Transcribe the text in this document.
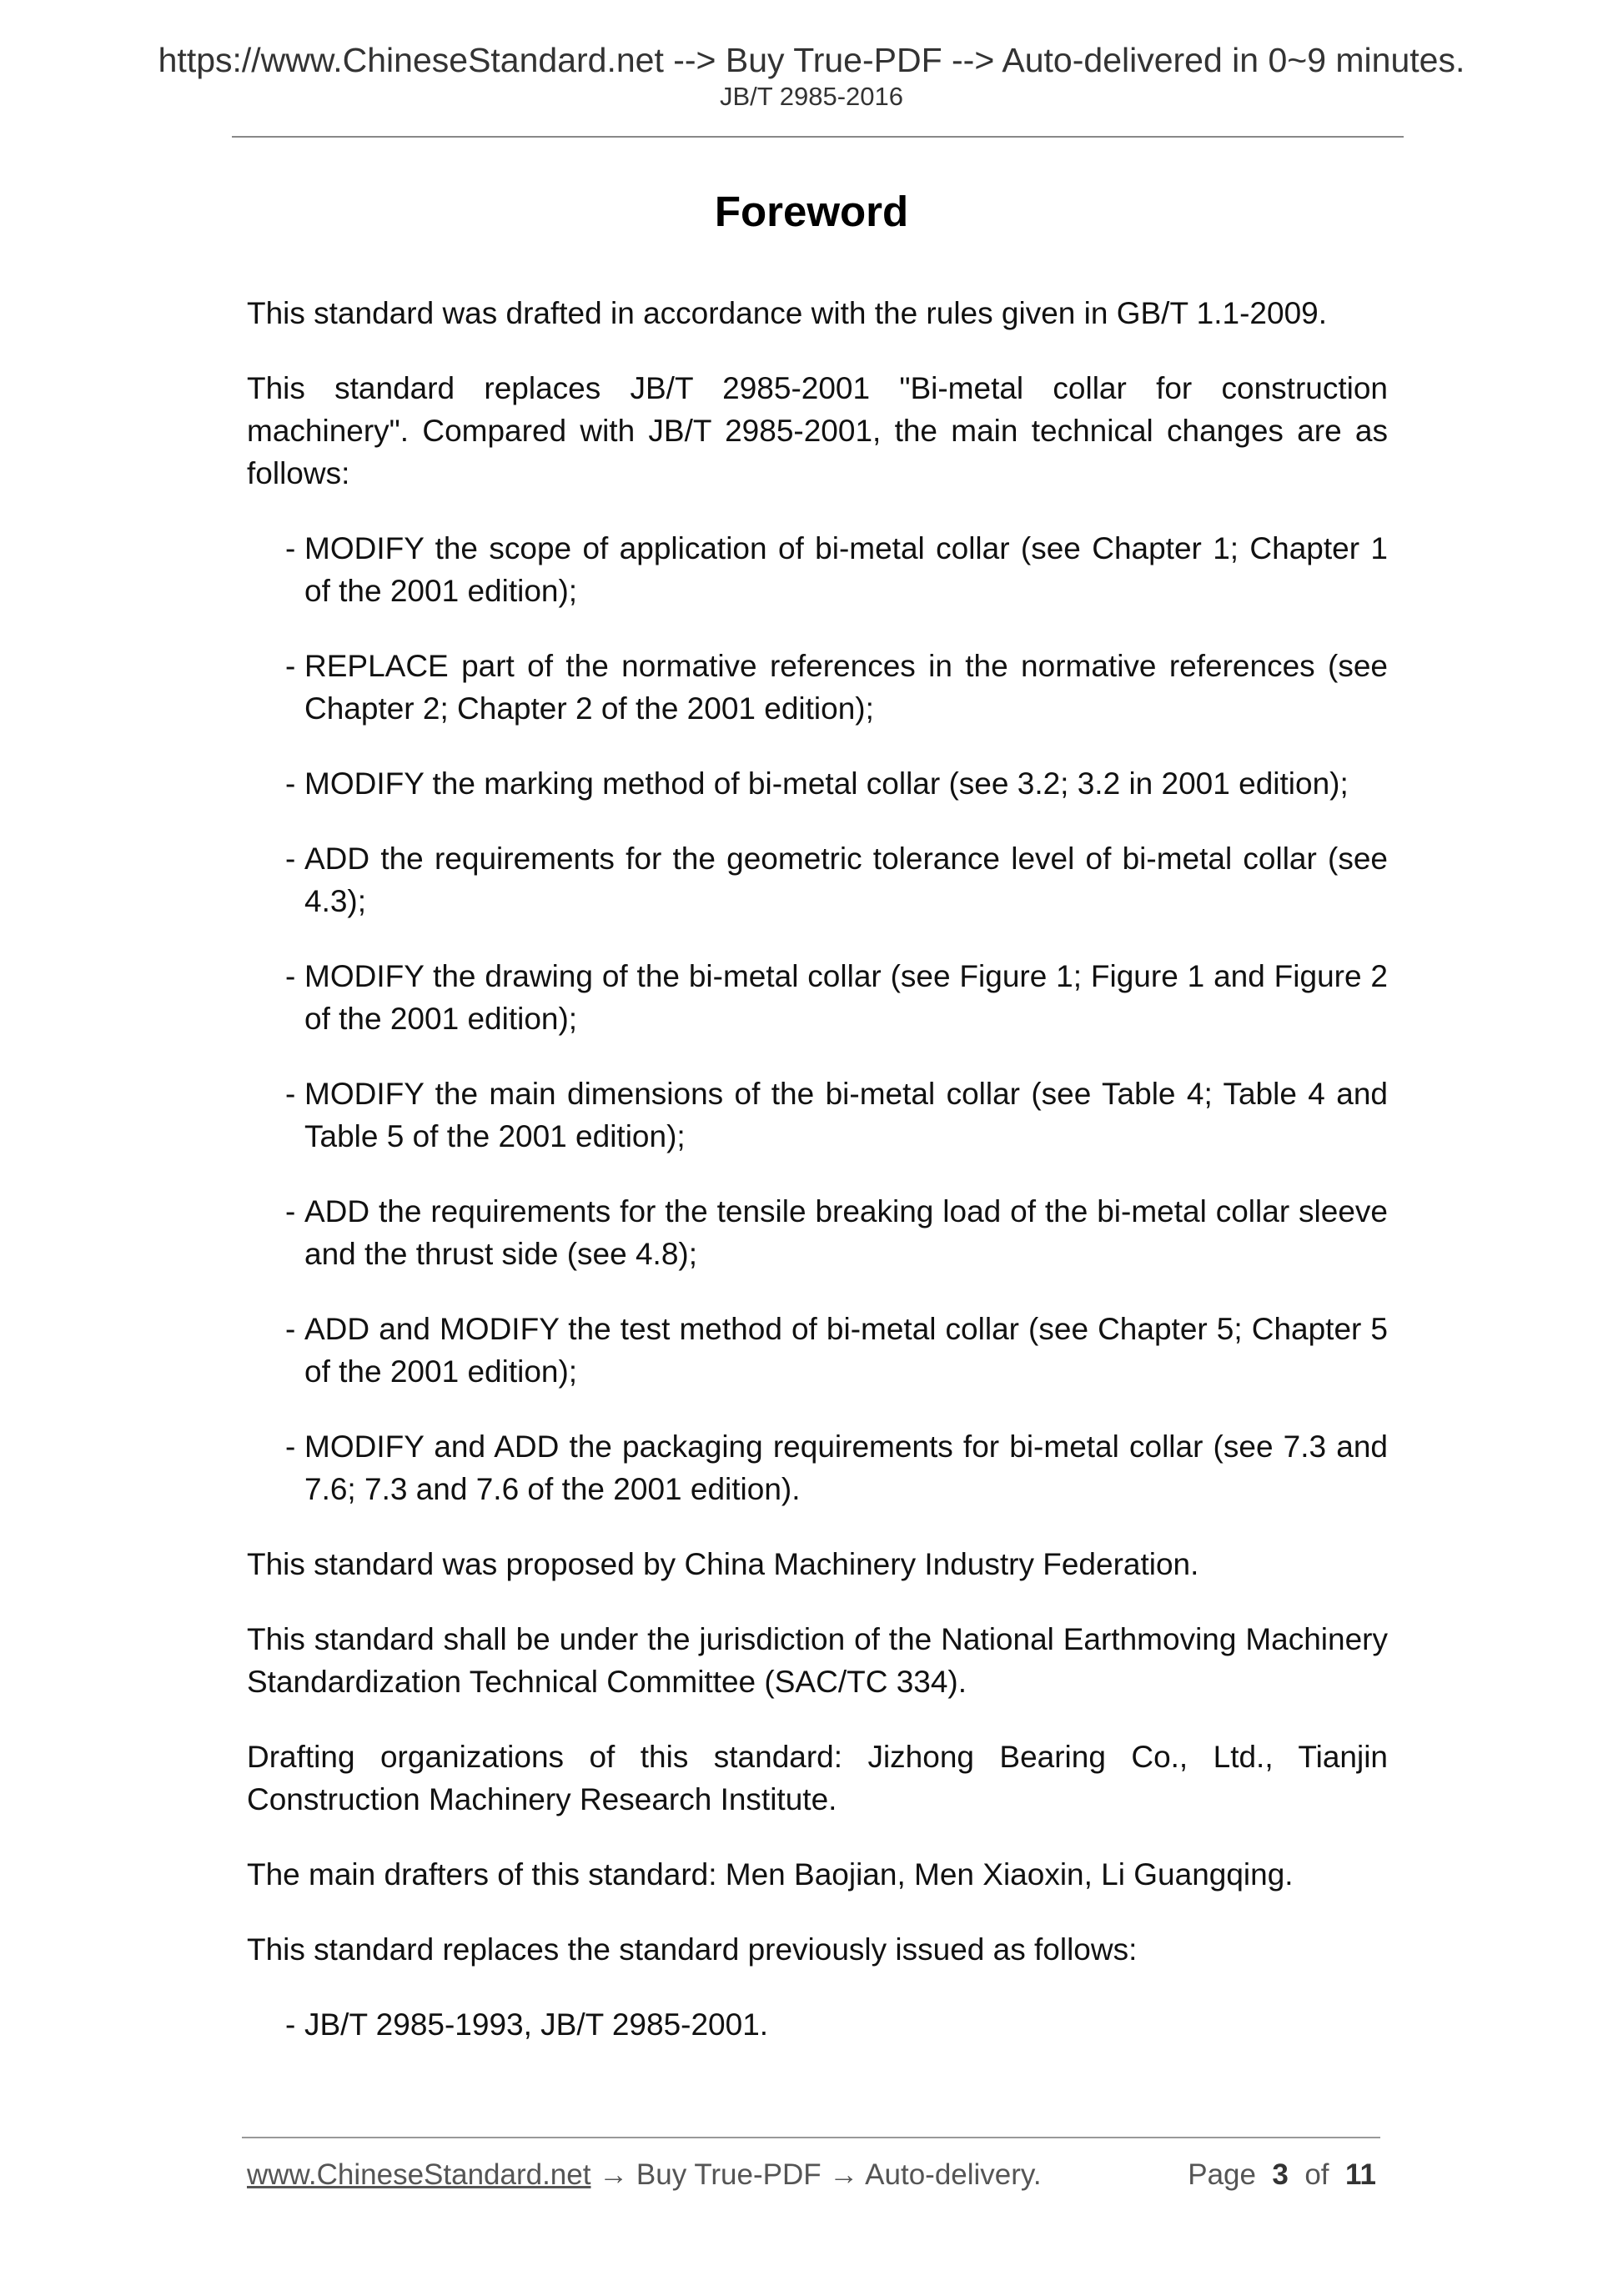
https://www.ChineseStandard.net --> Buy True-PDF --> Auto-delivered in 0~9 minutes.
JB/T 2985-2016
Foreword

This standard was drafted in accordance with the rules given in GB/T 1.1-2009.

This standard replaces JB/T 2985-2001 "Bi-metal collar for construction machinery". Compared with JB/T 2985-2001, the main technical changes are as follows:

- MODIFY the scope of application of bi-metal collar (see Chapter 1; Chapter 1 of the 2001 edition);
- REPLACE part of the normative references in the normative references (see Chapter 2; Chapter 2 of the 2001 edition);
- MODIFY the marking method of bi-metal collar (see 3.2; 3.2 in 2001 edition);
- ADD the requirements for the geometric tolerance level of bi-metal collar (see 4.3);
- MODIFY the drawing of the bi-metal collar (see Figure 1; Figure 1 and Figure 2 of the 2001 edition);
- MODIFY the main dimensions of the bi-metal collar (see Table 4; Table 4 and Table 5 of the 2001 edition);
- ADD the requirements for the tensile breaking load of the bi-metal collar sleeve and the thrust side (see 4.8);
- ADD and MODIFY the test method of bi-metal collar (see Chapter 5; Chapter 5 of the 2001 edition);
- MODIFY and ADD the packaging requirements for bi-metal collar (see 7.3 and 7.6; 7.3 and 7.6 of the 2001 edition).

This standard was proposed by China Machinery Industry Federation.

This standard shall be under the jurisdiction of the National Earthmoving Machinery Standardization Technical Committee (SAC/TC 334).

Drafting organizations of this standard: Jizhong Bearing Co., Ltd., Tianjin Construction Machinery Research Institute.

The main drafters of this standard: Men Baojian, Men Xiaoxin, Li Guangqing.

This standard replaces the standard previously issued as follows:

- JB/T 2985-1993, JB/T 2985-2001.
www.ChineseStandard.net → Buy True-PDF → Auto-delivery.	Page 3 of 11
